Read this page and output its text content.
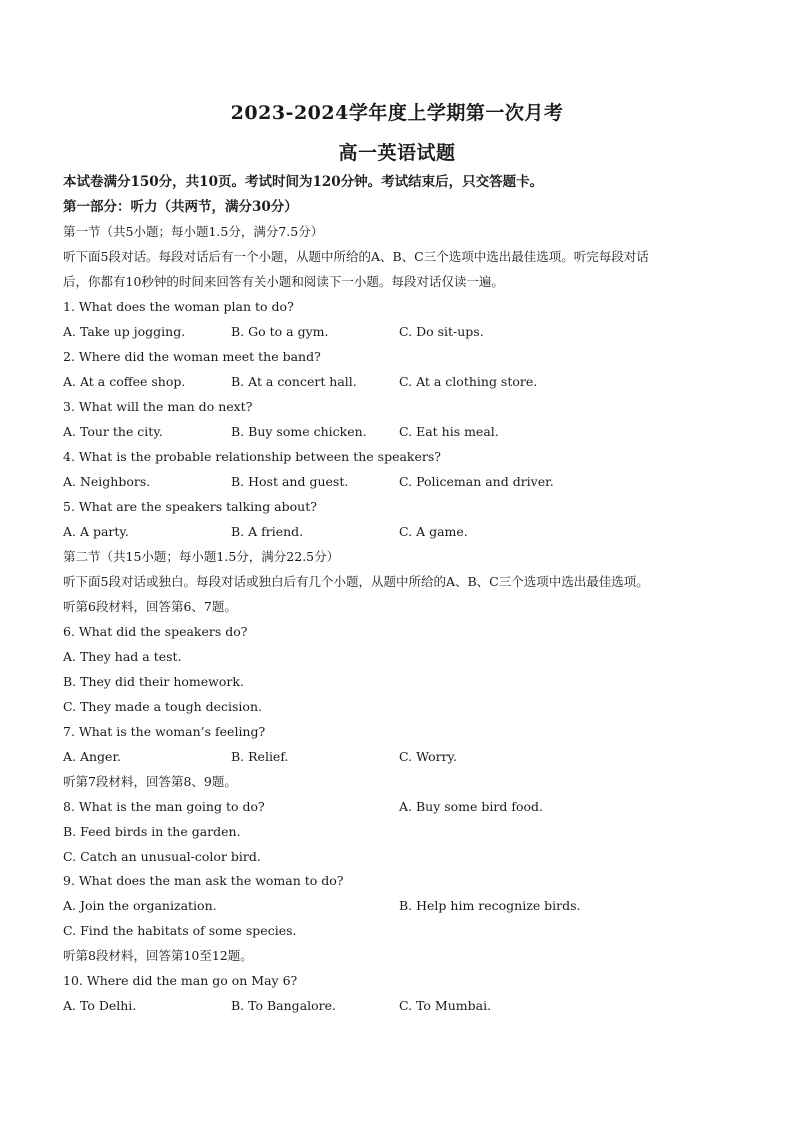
2023-2024学年度上学期第一次月考
高一英语试题
本试卷满分150分，共10页。考试时间为120分钟。考试结束后，只交答题卡。
第一部分：听力（共两节，满分30分）
第一节（共5小题；每小题1.5分，满分7.5分）
听下面5段对话。每段对话后有一个小题，从题中所给的A、B、C三个选项中选出最佳选项。听完每段对话
后，你都有10秒钟的时间来回答有关小题和阅读下一小题。每段对话仅读一遍。
1. What does the woman plan to do?
A. Take up jogging.	B. Go to a gym.	C. Do sit-ups.
2. Where did the woman meet the band?
A. At a coffee shop.	B. At a concert hall.	C. At a clothing store.
3. What will the man do next?
A. Tour the city.	B. Buy some chicken.	C. Eat his meal.
4. What is the probable relationship between the speakers?
A. Neighbors.	B. Host and guest.	C. Policeman and driver.
5. What are the speakers talking about?
A. A party.	B. A friend.	C. A game.
第二节（共15小题；每小题1.5分，满分22.5分）
听下面5段对话或独白。每段对话或独白后有几个小题，从题中所给的A、B、C三个选项中选出最佳选项。
听第6段材料，回答第6、7题。
6. What did the speakers do?
A. They had a test.
B. They did their homework.
C. They made a tough decision.
7. What is the woman’s feeling?
A. Anger.	B. Relief.	C. Worry.
听第7段材料，回答第8、9题。
8. What is the man going to do?	A. Buy some bird food.
B. Feed birds in the garden.
C. Catch an unusual-color bird.
9. What does the man ask the woman to do?
A. Join the organization.	B. Help him recognize birds.
C. Find the habitats of some species.
听第8段材料，回答第10至12题。
10. Where did the man go on May 6?
A. To Delhi.	B. To Bangalore.	C. To Mumbai.
